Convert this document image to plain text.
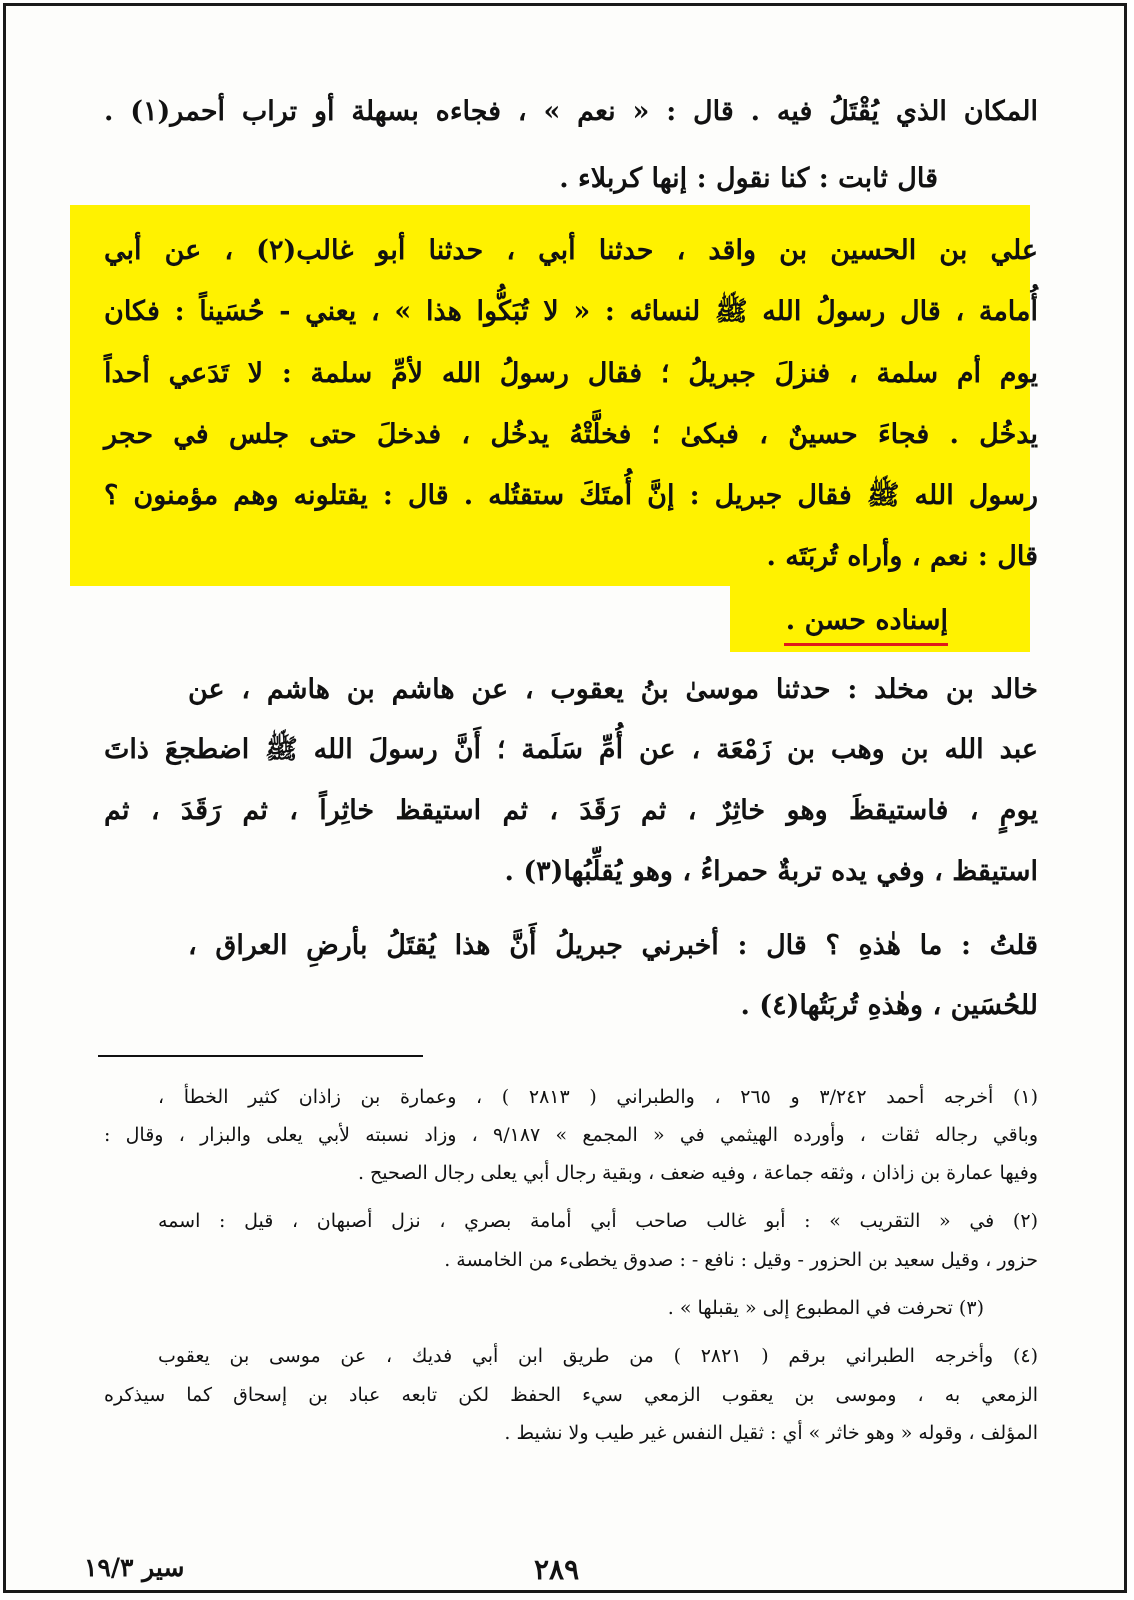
المكان الذي يُقْتَلُ فيه . قال : « نعم » ، فجاءه بسهلة أو تراب أحمر(١) .
قال ثابت : كنا نقول : إنها كربلاء .
علي بن الحسين بن واقد ، حدثنا أبي ، حدثنا أبو غالب(٢) ، عن أبي
أُمامة ، قال رسولُ الله ﷺ لنسائه : « لا تُبَكُّوا هذا » ، يعني - حُسَيناً : فكان
يوم أم سلمة ، فنزلَ جبريلُ ؛ فقال رسولُ الله لأمِّ سلمة : لا تَدَعي أحداً
يدخُل . فجاءَ حسينٌ ، فبكىٰ ؛ فخلَّتْهُ يدخُل ، فدخلَ حتى جلس في حجر
رسول الله ﷺ فقال جبريل : إنَّ أُمتَكَ ستقتُله . قال : يقتلونه وهم مؤمنون ؟
قال : نعم ، وأراه تُربَتَه .
إسناده حسن .
خالد بن مخلد : حدثنا موسىٰ بنُ يعقوب ، عن هاشم بن هاشم ، عن
عبد الله بن وهب بن زَمْعَة ، عن أُمِّ سَلَمة ؛ أَنَّ رسولَ الله ﷺ اضطجعَ ذاتَ
يومٍ ، فاستيقظَ وهو خاثِرٌ ، ثم رَقَدَ ، ثم استيقظ خاثِراً ، ثم رَقَدَ ، ثم
استيقظ ، وفي يده تربةٌ حمراءُ ، وهو يُقلِّبُها(٣) .
قلتُ : ما هٰذهِ ؟ قال : أخبرني جبريلُ أَنَّ هذا يُقتَلُ بأرضِ العراق ،
للحُسَين ، وهٰذهِ تُربَتُها(٤) .
(١) أخرجه أحمد ٣/٢٤٢ و ٢٦٥ ، والطبراني ( ٢٨١٣ ) ، وعمارة بن زاذان كثير الخطأ ،
وباقي رجاله ثقات ، وأورده الهيثمي في « المجمع » ٩/١٨٧ ، وزاد نسبته لأبي يعلى والبزار ، وقال :
وفيها عمارة بن زاذان ، وثقه جماعة ، وفيه ضعف ، وبقية رجال أبي يعلى رجال الصحيح .
(٢) في « التقريب » : أبو غالب صاحب أبي أمامة بصري ، نزل أصبهان ، قيل : اسمه
حزور ، وقيل سعيد بن الحزور - وقيل : نافع - : صدوق يخطىء من الخامسة .
(٣) تحرفت في المطبوع إلى « يقبلها » .
(٤) وأخرجه الطبراني برقم ( ٢٨٢١ ) من طريق ابن أبي فديك ، عن موسى بن يعقوب
الزمعي به ، وموسى بن يعقوب الزمعي سيء الحفظ لكن تابعه عباد بن إسحاق كما سيذكره
المؤلف ، وقوله « وهو خاثر » أي : ثقيل النفس غير طيب ولا نشيط .
٢٨٩
سير ١٩/٣
